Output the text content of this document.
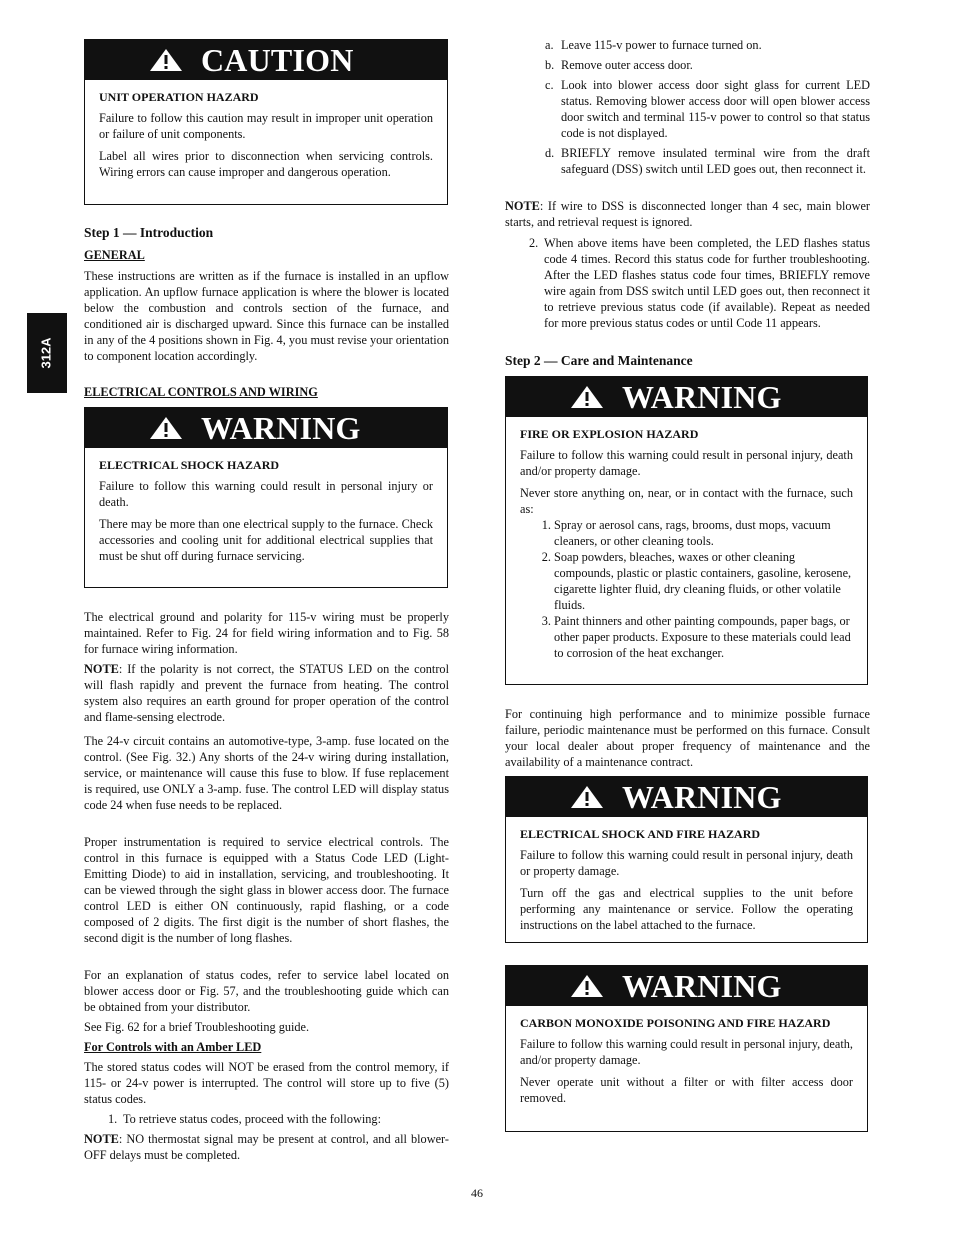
312A
CAUTION
UNIT OPERATION HAZARD

Failure to follow this caution may result in improper unit operation or failure of unit components.

Label all wires prior to disconnection when servicing controls. Wiring errors can cause improper and dangerous operation.

Step 1 — Introduction
GENERAL

These instructions are written as if the furnace is installed in an upflow application. An upflow furnace application is where the blower is located below the combustion and controls section of the furnace, and conditioned air is discharged upward. Since this furnace can be installed in any of the 4 positions shown in Fig. 4, you must revise your orientation to component location accordingly.

ELECTRICAL CONTROLS AND WIRING
WARNING
ELECTRICAL SHOCK HAZARD

Failure to follow this warning could result in personal injury or death.

There may be more than one electrical supply to the furnace. Check accessories and cooling unit for additional electrical supplies that must be shut off during furnace servicing.

The electrical ground and polarity for 115-v wiring must be properly maintained. Refer to Fig. 24 for field wiring information and to Fig. 58 for furnace wiring information.

NOTE: If the polarity is not correct, the STATUS LED on the control will flash rapidly and prevent the furnace from heating. The control system also requires an earth ground for proper operation of the control and flame-sensing electrode.

The 24-v circuit contains an automotive-type, 3-amp. fuse located on the control. (See Fig. 32.) Any shorts of the 24-v wiring during installation, service, or maintenance will cause this fuse to blow. If fuse replacement is required, use ONLY a 3-amp. fuse. The control LED will display status code 24 when fuse needs to be replaced.

Proper instrumentation is required to service electrical controls. The control in this furnace is equipped with a Status Code LED (Light-Emitting Diode) to aid in installation, servicing, and troubleshooting. It can be viewed through the sight glass in blower access door. The furnace control LED is either ON continuously, rapid flashing, or a code composed of 2 digits. The first digit is the number of short flashes, the second digit is the number of long flashes.

For an explanation of status codes, refer to service label located on blower access door or Fig. 57, and the troubleshooting guide which can be obtained from your distributor.

See Fig. 62 for a brief Troubleshooting guide.

For Controls with an Amber LED

The stored status codes will NOT be erased from the control memory, if 115- or 24-v power is interrupted. The control will store up to five (5) status codes.

1. To retrieve status codes, proceed with the following:

NOTE: NO thermostat signal may be present at control, and all blower-OFF delays must be completed.

a. Leave 115-v power to furnace turned on.
b. Remove outer access door.
c. Look into blower access door sight glass for current LED status. Removing blower access door will open blower access door switch and terminal 115-v power to control so that status code is not displayed.
d. BRIEFLY remove insulated terminal wire from the draft safeguard (DSS) switch until LED goes out, then reconnect it.

NOTE: If wire to DSS is disconnected longer than 4 sec, main blower starts, and retrieval request is ignored.

2. When above items have been completed, the LED flashes status code 4 times. Record this status code for further troubleshooting. After the LED flashes status code four times, BRIEFLY remove wire again from DSS switch until LED goes out, then reconnect it to retrieve previous status code (if available). Repeat as needed for more previous status codes or until Code 11 appears.
Step 2 — Care and Maintenance
WARNING
FIRE OR EXPLOSION HAZARD

Failure to follow this warning could result in personal injury, death and/or property damage.

Never store anything on, near, or in contact with the furnace, such as:

1. Spray or aerosol cans, rags, brooms, dust mops, vacuum cleaners, or other cleaning tools.
2. Soap powders, bleaches, waxes or other cleaning compounds, plastic or plastic containers, gasoline, kerosene, cigarette lighter fluid, dry cleaning fluids, or other volatile fluids.
3. Paint thinners and other painting compounds, paper bags, or other paper products. Exposure to these materials could lead to corrosion of the heat exchanger.

For continuing high performance and to minimize possible furnace failure, periodic maintenance must be performed on this furnace. Consult your local dealer about proper frequency of maintenance and the availability of a maintenance contract.

WARNING
ELECTRICAL SHOCK AND FIRE HAZARD

Failure to follow this warning could result in personal injury, death or property damage.

Turn off the gas and electrical supplies to the unit before performing any maintenance or service. Follow the operating instructions on the label attached to the furnace.

WARNING
CARBON MONOXIDE POISONING AND FIRE HAZARD

Failure to follow this warning could result in personal injury, death, and/or property damage.

Never operate unit without a filter or with filter access door removed.

46
